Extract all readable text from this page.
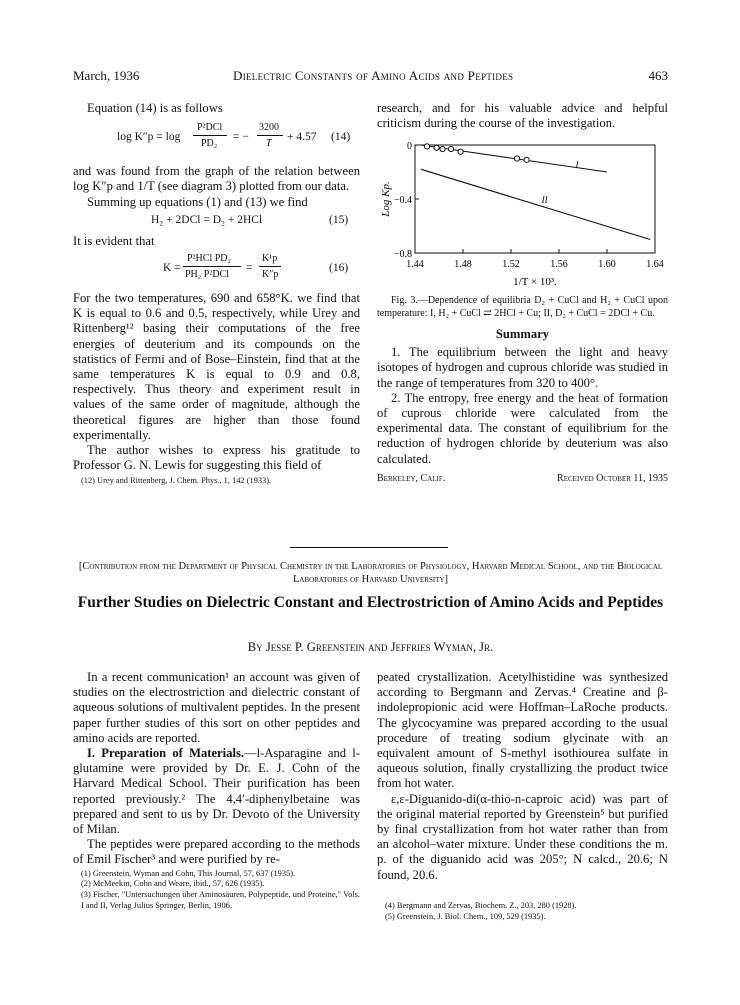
March, 1936	Dielectric Constants of Amino Acids and Peptides	463

Equation (14) is as follows

log K″p = log
P²DCl
PD₂
= −
3200
T
+ 4.57 (14)

and was found from the graph of the relation between log K″p and 1/T (see diagram 3) plotted from our data.

Summing up equations (1) and (13) we find

H₂ + 2DCl = D₂ + 2HCl	(15)

It is evident that

K =
P²HCl PD₂
PH₂ P²DCl
=
K¹p
K″p
(16)

For the two temperatures, 690 and 658°K. we find that K is equal to 0.6 and 0.5, respectively, while Urey and Rittenberg¹² basing their computations of the free energies of deuterium and its compounds on the statistics of Fermi and of Bose–Einstein, find that at the same temperatures K is equal to 0.9 and 0.8, respectively. Thus theory and experiment result in values of the same order of magnitude, although the theoretical figures are higher than those found experimentally.

The author wishes to express his gratitude to Professor G. N. Lewis for suggesting this field of

(12) Urey and Rittenberg, J. Chem. Phys., 1, 142 (1933).

research, and for his valuable advice and helpful criticism during the course of the investigation.

Log Kp.
1/T × 10³.
1.44	1.48	1.52	1.56	1.60	1.64
0
−0.4
−0.8
I
II

Fig. 3.—Dependence of equilibria D₂ + CuCl and H₂ + CuCl upon temperature: I, H₂ + CuCl ⇄ 2HCl + Cu; II, D₂ + CuCl = 2DCl + Cu.

Summary

1. The equilibrium between the light and heavy isotopes of hydrogen and cuprous chloride was studied in the range of temperatures from 320 to 400°.

2. The entropy, free energy and the heat of formation of cuprous chloride were calculated from the experimental data. The constant of equilibrium for the reduction of hydrogen chloride by deuterium was also calculated.

Berkeley, Calif.	Received October 11, 1935

[Contribution from the Department of Physical Chemistry in the Laboratories of Physiology, Harvard Medical School, and the Biological Laboratories of Harvard University]

Further Studies on Dielectric Constant and Electrostriction of Amino Acids and Peptides

By Jesse P. Greenstein and Jeffries Wyman, Jr.

In a recent communication¹ an account was given of studies on the electrostriction and dielectric constant of aqueous solutions of multivalent peptides. In the present paper further studies of this sort on other peptides and amino acids are reported.

I. Preparation of Materials.—l-Asparagine and l-glutamine were provided by Dr. E. J. Cohn of the Harvard Medical School. Their purification has been reported previously.² The 4,4′-diphenylbetaine was prepared and sent to us by Dr. Devoto of the University of Milan.

The peptides were prepared according to the methods of Emil Fischer³ and were purified by re-

(1) Greenstein, Wyman and Cohn, This Journal, 57, 637 (1935).

(2) McMeekin, Cohn and Weare, ibid., 57, 626 (1935).

(3) Fischer, "Untersuchungen über Aminosäuren, Polypeptide, und Proteine," Vols. I and II, Verlag Julius Springer, Berlin, 1906.

peated crystallization. Acetylhistidine was synthesized according to Bergmann and Zervas.⁴ Creatine and β-indolepropionic acid were Hoffman–LaRoche products. The glycocyamine was prepared according to the usual procedure of treating sodium glycinate with an equivalent amount of S-methyl isothiourea sulfate in aqueous solution, finally crystallizing the product twice from hot water.

ε,ε-Diguanido-di(α-thio-n-caproic acid) was part of the original material reported by Greenstein⁵ but purified by final crystallization from hot water rather than from an alcohol–water mixture. Under these conditions the m. p. of the diguanido acid was 205°; N calcd., 20.6; N found, 20.6.

(4) Bergmann and Zervas, Biochem. Z., 203, 280 (1928).

(5) Greenstein, J. Biol. Chem., 109, 529 (1935).
